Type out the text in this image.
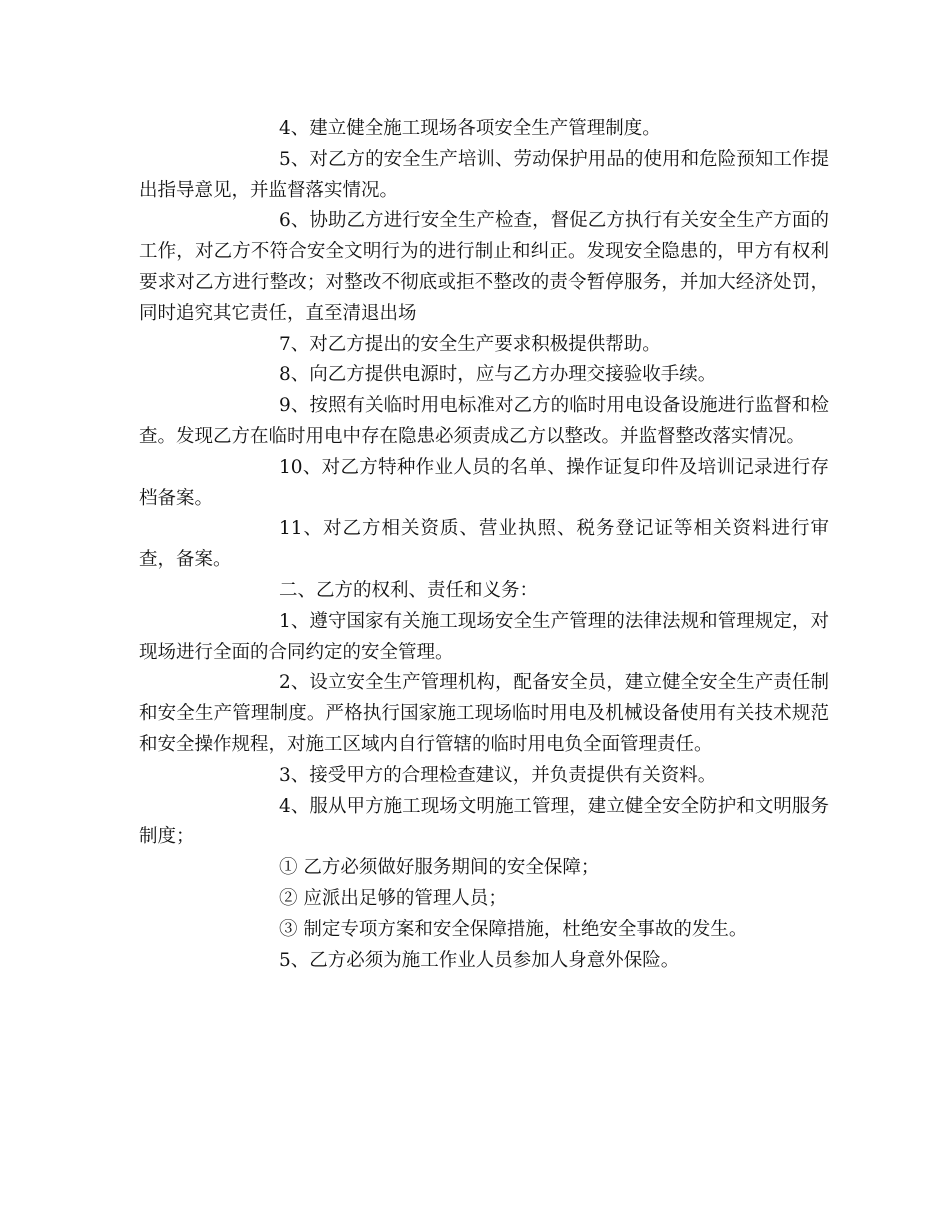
4、建立健全施工现场各项安全生产管理制度。

5、对乙方的安全生产培训、劳动保护用品的使用和危险预知工作提出指导意见，并监督落实情况。

6、协助乙方进行安全生产检查，督促乙方执行有关安全生产方面的工作，对乙方不符合安全文明行为的进行制止和纠正。发现安全隐患的，甲方有权利要求对乙方进行整改；对整改不彻底或拒不整改的责令暂停服务，并加大经济处罚，同时追究其它责任，直至清退出场

7、对乙方提出的安全生产要求积极提供帮助。

8、向乙方提供电源时，应与乙方办理交接验收手续。

9、按照有关临时用电标准对乙方的临时用电设备设施进行监督和检查。发现乙方在临时用电中存在隐患必须责成乙方以整改。并监督整改落实情况。

10、对乙方特种作业人员的名单、操作证复印件及培训记录进行存档备案。

11、对乙方相关资质、营业执照、税务登记证等相关资料进行审查，备案。

二、乙方的权利、责任和义务：

1、遵守国家有关施工现场安全生产管理的法律法规和管理规定，对现场进行全面的合同约定的安全管理。

2、设立安全生产管理机构，配备安全员，建立健全安全生产责任制和安全生产管理制度。严格执行国家施工现场临时用电及机械设备使用有关技术规范和安全操作规程，对施工区域内自行管辖的临时用电负全面管理责任。

3、接受甲方的合理检查建议，并负责提供有关资料。

4、服从甲方施工现场文明施工管理，建立健全安全防护和文明服务制度；

① 乙方必须做好服务期间的安全保障；

② 应派出足够的管理人员；

③ 制定专项方案和安全保障措施，杜绝安全事故的发生。

5、乙方必须为施工作业人员参加人身意外保险。
